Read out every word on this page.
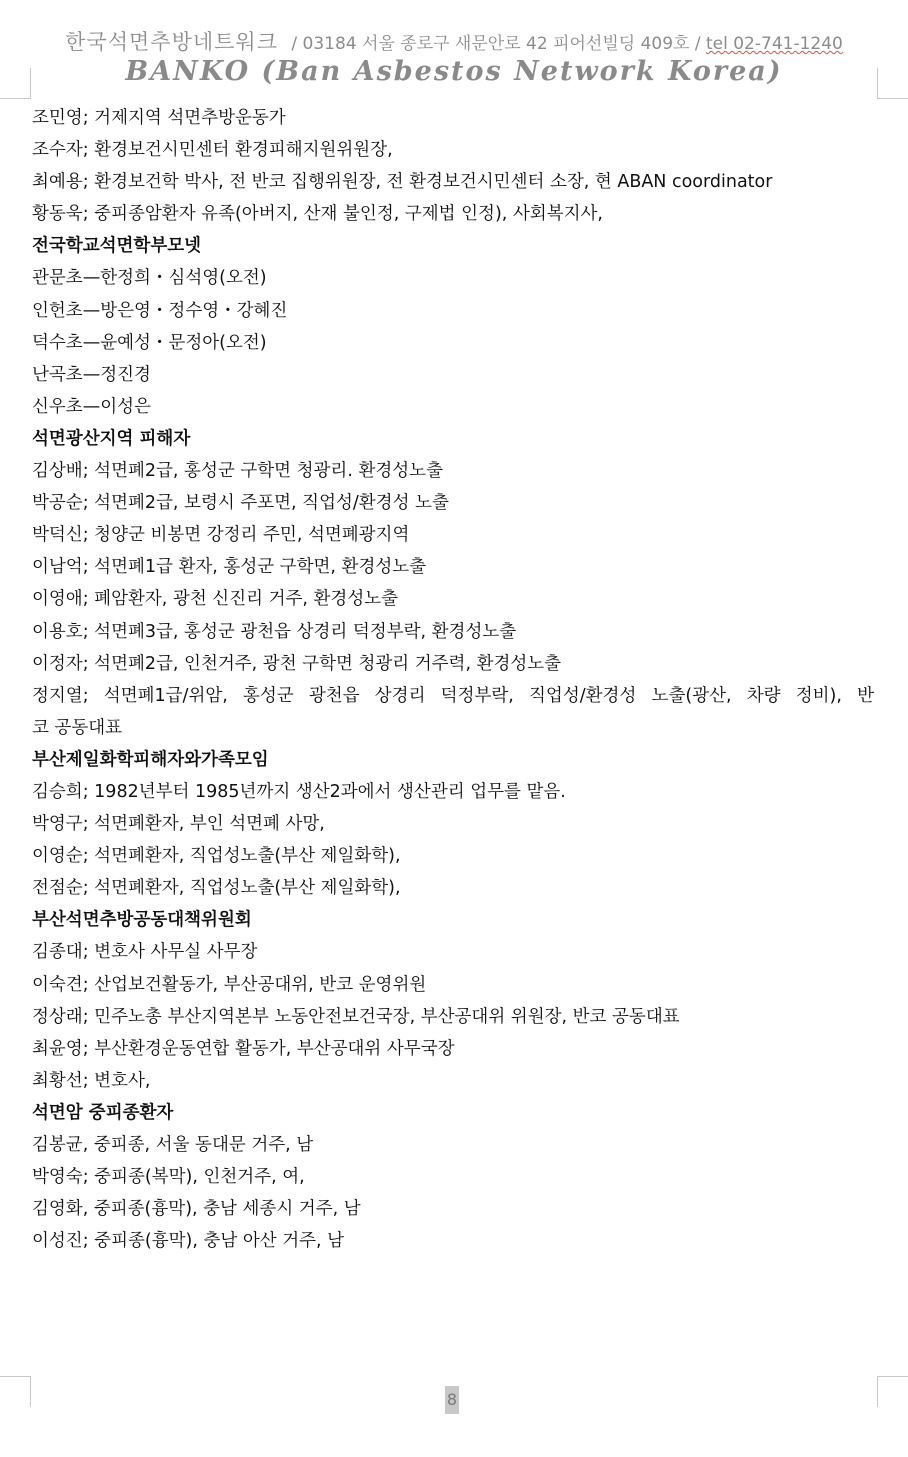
한국석면추방네트워크 / 03184 서울 종로구 새문안로 42 피어선빌딩 409호 / tel 02-741-1240
BANKO (Ban Asbestos Network Korea)
조민영; 거제지역 석면추방운동가
조수자; 환경보건시민센터 환경피해지원위원장,
최예용; 환경보건학 박사, 전 반코 집행위원장, 전 환경보건시민센터 소장, 현 ABAN coordinator
황동욱; 중피종암환자 유족(아버지, 산재 불인정, 구제법 인정), 사회복지사,
전국학교석면학부모넷
관문초—한정희・심석영(오전)
인헌초—방은영・정수영・강혜진
덕수초—윤예성・문정아(오전)
난곡초—정진경
신우초—이성은
석면광산지역 피해자
김상배; 석면폐2급, 홍성군 구학면 청광리. 환경성노출
박공순; 석면폐2급, 보령시 주포면, 직업성/환경성 노출
박덕신; 청양군 비봉면 강정리 주민, 석면폐광지역
이남억; 석면폐1급 환자, 홍성군 구학면, 환경성노출
이영애; 폐암환자, 광천 신진리 거주, 환경성노출
이용호; 석면폐3급, 홍성군 광천읍 상경리 덕정부락, 환경성노출
이정자; 석면폐2급, 인천거주, 광천 구학면 청광리 거주력, 환경성노출
정지열; 석면폐1급/위암, 홍성군 광천읍 상경리 덕정부락, 직업성/환경성 노출(광산, 차량 정비), 반
코 공동대표
부산제일화학피해자와가족모임
김승희; 1982년부터 1985년까지 생산2과에서 생산관리 업무를 맡음.
박영구; 석면폐환자, 부인 석면폐 사망,
이영순; 석면폐환자, 직업성노출(부산 제일화학),
전점순; 석면폐환자, 직업성노출(부산 제일화학),
부산석면추방공동대책위원회
김종대; 변호사 사무실 사무장
이숙견; 산업보건활동가, 부산공대위, 반코 운영위원
정상래; 민주노총 부산지역본부 노동안전보건국장, 부산공대위 위원장, 반코 공동대표
최윤영; 부산환경운동연합 활동가, 부산공대위 사무국장
최황선; 변호사,
석면암 중피종환자
김봉균, 중피종, 서울 동대문 거주, 남
박영숙; 중피종(복막), 인천거주, 여,
김영화, 중피종(흉막), 충남 세종시 거주, 남
이성진; 중피종(흉막), 충남 아산 거주, 남
8
